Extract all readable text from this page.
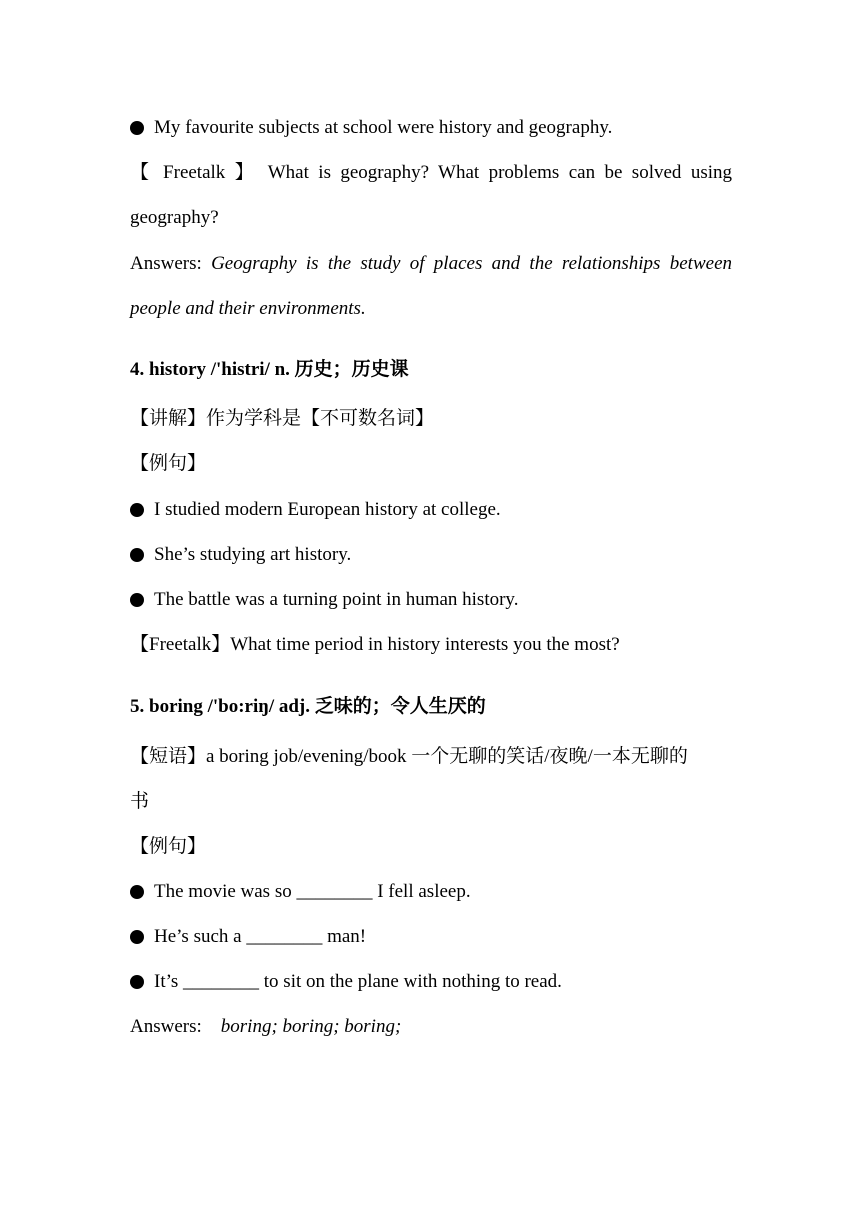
My favourite subjects at school were history and geography.
【 Freetalk 】 What is geography? What problems can be solved using
geography?
Answers: Geography is the study of places and the relationships between
people and their environments.
4. history /'histri/ n. 历史；历史课
【讲解】作为学科是【不可数名词】
【例句】
I studied modern European history at college.
She’s studying art history.
The battle was a turning point in human history.
【Freetalk】What time period in history interests you the most?
5. boring /'bo:riŋ/ adj. 乏味的；令人生厌的
【短语】a boring job/evening/book 一个无聊的笑话/夜晚/一本无聊的
书
【例句】
The movie was so ________ I fell asleep.
He’s such a ________ man!
It’s ________ to sit on the plane with nothing to read.
Answers:    boring; boring; boring;
